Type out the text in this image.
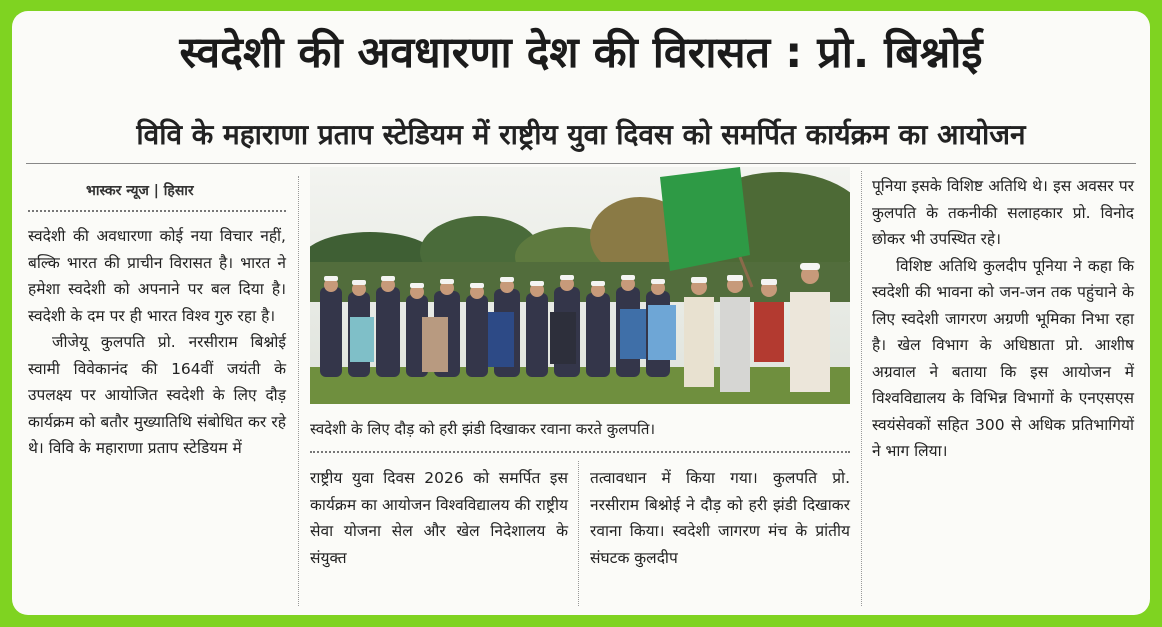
स्वदेशी की अवधारणा देश की विरासत : प्रो. बिश्नोई
विवि के महाराणा प्रताप स्टेडियम में राष्ट्रीय युवा दिवस को समर्पित कार्यक्रम का आयोजन
भास्कर न्यूज | हिसार

स्वदेशी की अवधारणा कोई नया विचार नहीं, बल्कि भारत की प्राचीन विरासत है। भारत ने हमेशा स्वदेशी को अपनाने पर बल दिया है। स्वदेशी के दम पर ही भारत विश्व गुरु रहा है।

जीजेयू कुलपति प्रो. नरसीराम बिश्नोई स्वामी विवेकानंद की 164वीं जयंती के उपलक्ष्य पर आयोजित स्वदेशी के लिए दौड़ कार्यक्रम को बतौर मुख्यातिथि संबोधित कर रहे थे। विवि के महाराणा प्रताप स्टेडियम में

स्वदेशी के लिए दौड़ को हरी झंडी दिखाकर रवाना करते कुलपति।
राष्ट्रीय युवा दिवस 2026 को समर्पित इस कार्यक्रम का आयोजन विश्वविद्यालय की राष्ट्रीय सेवा योजना सेल और खेल निदेशालय के संयुक्त
तत्वावधान में किया गया। कुलपति प्रो. नरसीराम बिश्नोई ने दौड़ को हरी झंडी दिखाकर रवाना किया। स्वदेशी जागरण मंच के प्रांतीय संघटक कुलदीप

पूनिया इसके विशिष्ट अतिथि थे। इस अवसर पर कुलपति के तकनीकी सलाहकार प्रो. विनोद छोकर भी उपस्थित रहे।

विशिष्ट अतिथि कुलदीप पूनिया ने कहा कि स्वदेशी की भावना को जन-जन तक पहुंचाने के लिए स्वदेशी जागरण अग्रणी भूमिका निभा रहा है। खेल विभाग के अधिष्ठाता प्रो. आशीष अग्रवाल ने बताया कि इस आयोजन में विश्वविद्यालय के विभिन्न विभागों के एनएसएस स्वयंसेवकों सहित 300 से अधिक प्रतिभागियों ने भाग लिया।
